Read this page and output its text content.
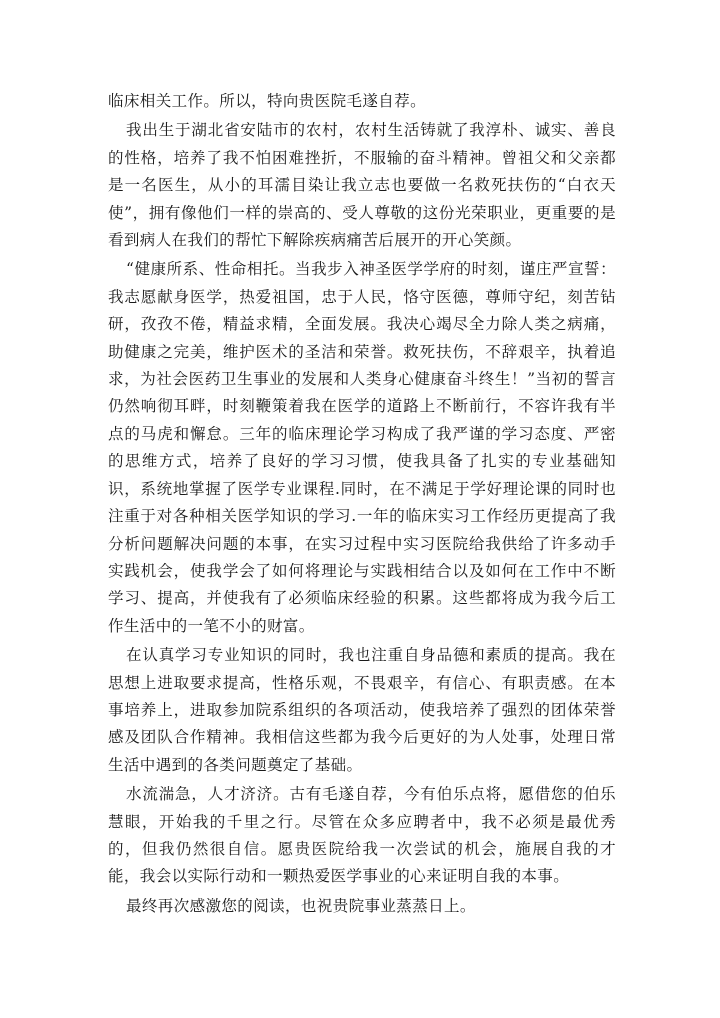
临床相关工作。所以，特向贵医院毛遂自荐。

我出生于湖北省安陆市的农村，农村生活铸就了我淳朴、诚实、善良的性格，培养了我不怕困难挫折，不服输的奋斗精神。曾祖父和父亲都是一名医生，从小的耳濡目染让我立志也要做一名救死扶伤的“白衣天使”，拥有像他们一样的崇高的、受人尊敬的这份光荣职业，更重要的是看到病人在我们的帮忙下解除疾病痛苦后展开的开心笑颜。

“健康所系、性命相托。当我步入神圣医学学府的时刻，谨庄严宣誓：我志愿献身医学，热爱祖国，忠于人民，恪守医德，尊师守纪，刻苦钻研，孜孜不倦，精益求精，全面发展。我决心竭尽全力除人类之病痛，助健康之完美，维护医术的圣洁和荣誉。救死扶伤，不辞艰辛，执着追求，为社会医药卫生事业的发展和人类身心健康奋斗终生！”当初的誓言仍然响彻耳畔，时刻鞭策着我在医学的道路上不断前行，不容许我有半点的马虎和懈怠。三年的临床理论学习构成了我严谨的学习态度、严密的思维方式，培养了良好的学习习惯，使我具备了扎实的专业基础知识，系统地掌握了医学专业课程.同时，在不满足于学好理论课的同时也注重于对各种相关医学知识的学习.一年的临床实习工作经历更提高了我分析问题解决问题的本事，在实习过程中实习医院给我供给了许多动手实践机会，使我学会了如何将理论与实践相结合以及如何在工作中不断学习、提高，并使我有了必须临床经验的积累。这些都将成为我今后工作生活中的一笔不小的财富。

在认真学习专业知识的同时，我也注重自身品德和素质的提高。我在思想上进取要求提高，性格乐观，不畏艰辛，有信心、有职责感。在本事培养上，进取参加院系组织的各项活动，使我培养了强烈的团体荣誉感及团队合作精神。我相信这些都为我今后更好的为人处事，处理日常生活中遇到的各类问题奠定了基础。

水流湍急，人才济济。古有毛遂自荐，今有伯乐点将，愿借您的伯乐慧眼，开始我的千里之行。尽管在众多应聘者中，我不必须是最优秀的，但我仍然很自信。愿贵医院给我一次尝试的机会，施展自我的才能，我会以实际行动和一颗热爱医学事业的心来证明自我的本事。

最终再次感激您的阅读，也祝贵院事业蒸蒸日上。
